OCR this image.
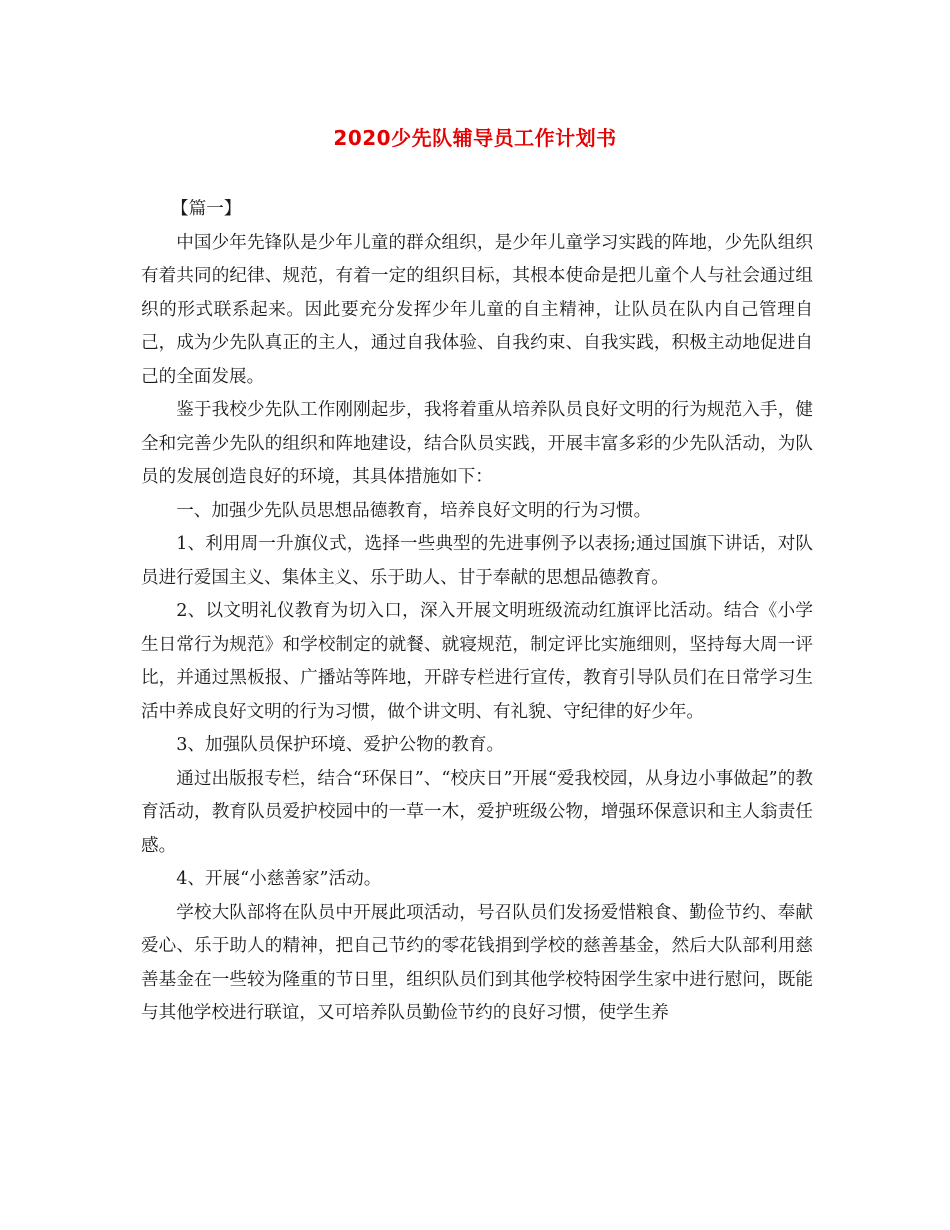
2020少先队辅导员工作计划书

【篇一】

中国少年先锋队是少年儿童的群众组织，是少年儿童学习实践的阵地，少先队组织有着共同的纪律、规范，有着一定的组织目标，其根本使命是把儿童个人与社会通过组织的形式联系起来。因此要充分发挥少年儿童的自主精神，让队员在队内自己管理自己，成为少先队真正的主人，通过自我体验、自我约束、自我实践，积极主动地促进自己的全面发展。

鉴于我校少先队工作刚刚起步，我将着重从培养队员良好文明的行为规范入手，健全和完善少先队的组织和阵地建设，结合队员实践，开展丰富多彩的少先队活动，为队员的发展创造良好的环境，其具体措施如下：

一、加强少先队员思想品德教育，培养良好文明的行为习惯。

1、利用周一升旗仪式，选择一些典型的先进事例予以表扬;通过国旗下讲话，对队员进行爱国主义、集体主义、乐于助人、甘于奉献的思想品德教育。

2、以文明礼仪教育为切入口，深入开展文明班级流动红旗评比活动。结合《小学生日常行为规范》和学校制定的就餐、就寝规范，制定评比实施细则，坚持每大周一评比，并通过黑板报、广播站等阵地，开辟专栏进行宣传，教育引导队员们在日常学习生活中养成良好文明的行为习惯，做个讲文明、有礼貌、守纪律的好少年。

3、加强队员保护环境、爱护公物的教育。

通过出版报专栏，结合“环保日”、“校庆日”开展“爱我校园，从身边小事做起”的教育活动，教育队员爱护校园中的一草一木，爱护班级公物，增强环保意识和主人翁责任感。

4、开展“小慈善家”活动。

学校大队部将在队员中开展此项活动，号召队员们发扬爱惜粮食、勤俭节约、奉献爱心、乐于助人的精神，把自己节约的零花钱捐到学校的慈善基金，然后大队部利用慈善基金在一些较为隆重的节日里，组织队员们到其他学校特困学生家中进行慰问，既能与其他学校进行联谊，又可培养队员勤俭节约的良好习惯，使学生养
